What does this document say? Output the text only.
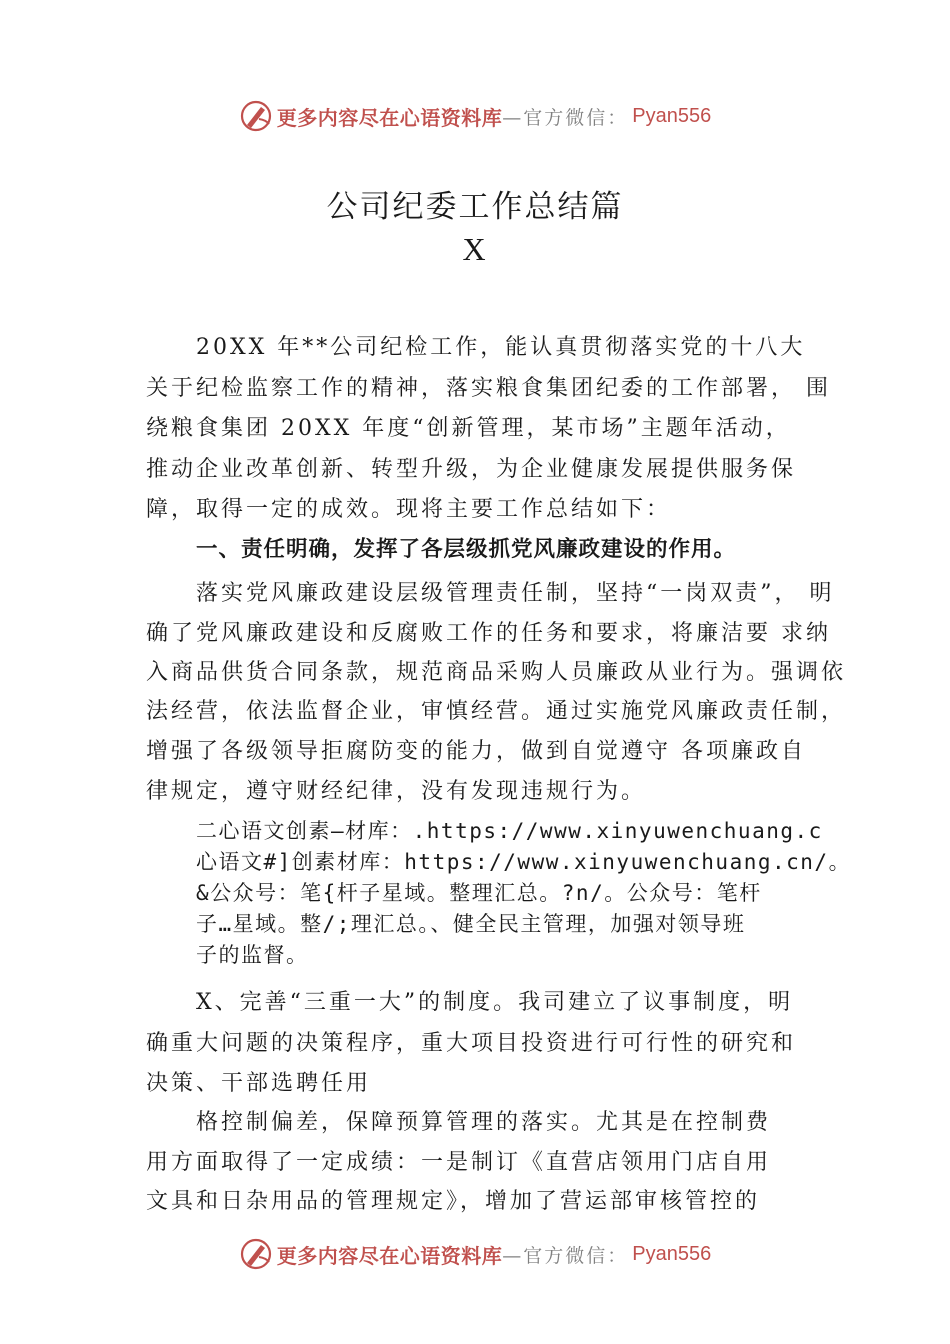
更多内容尽在心语资料库 —官方微信： Pyan556
公司纪委工作总结篇
X
20XX 年**公司纪检工作，能认真贯彻落实党的十八大
关于纪检监察工作的精神，落实粮食集团纪委的工作部署， 围
绕粮食集团 20XX 年度“创新管理，某市场”主题年活动，
推动企业改革创新、转型升级，为企业健康发展提供服务保
障，取得一定的成效。现将主要工作总结如下：
一、责任明确，发挥了各层级抓党风廉政建设的作用。
落实党风廉政建设层级管理责任制，坚持“一岗双责”， 明
确了党风廉政建设和反腐败工作的任务和要求，将廉洁要 求纳
入商品供货合同条款，规范商品采购人员廉政从业行为。强调依
法经营，依法监督企业，审慎经营。通过实施党风廉政责任制，
增强了各级领导拒腐防变的能力，做到自觉遵守 各项廉政自
律规定，遵守财经纪律，没有发现违规行为。
二心语文创素—材库：.https://www.xinyuwenchuang.c
心语文#]创素材库：https://www.xinyuwenchuang.cn/。
&公众号：笔{杆子星域。整理汇总。?n/。公众号：笔杆
子…星域。整/;理汇总。、健全民主管理，加强对领导班
子的监督。
X、完善“三重一大”的制度。我司建立了议事制度，明
确重大问题的决策程序，重大项目投资进行可行性的研究和
决策、干部选聘任用
格控制偏差，保障预算管理的落实。尤其是在控制费
用方面取得了一定成绩：一是制订《直营店领用门店自用
文具和日杂用品的管理规定》，增加了营运部审核管控的
更多内容尽在心语资料库 —官方微信： Pyan556
